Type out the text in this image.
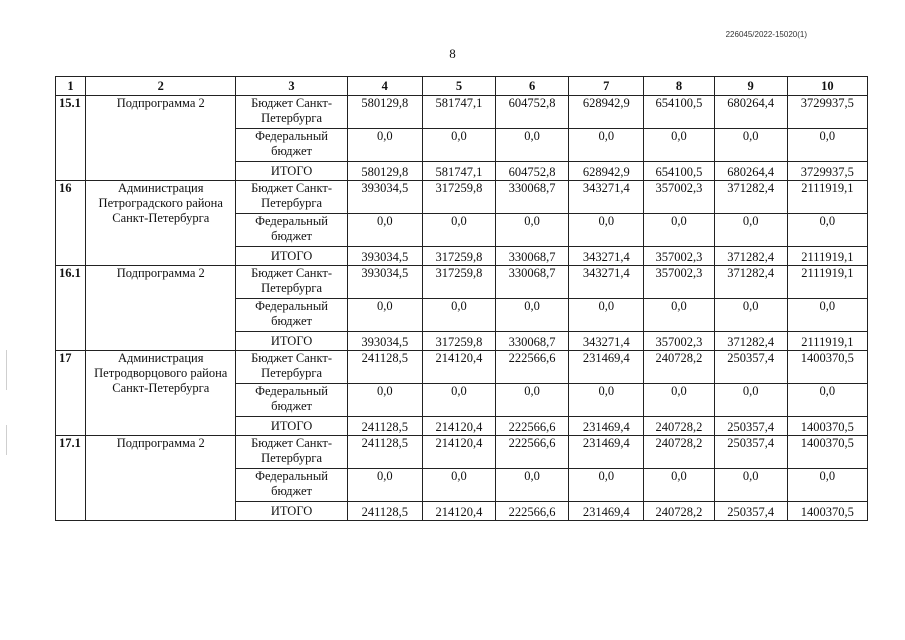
226045/2022-15020(1)
8
1	2	3	4	5	6	7	8	9	10
15.1	Подпрограмма 2	Бюджет Санкт-Петербурга	580129,8	581747,1	604752,8	628942,9	654100,5	680264,4	3729937,5
		Федеральный бюджет	0,0	0,0	0,0	0,0	0,0	0,0	0,0
		ИТОГО	580129,8	581747,1	604752,8	628942,9	654100,5	680264,4	3729937,5
16	Администрация Петроградского района Санкт-Петербурга	Бюджет Санкт-Петербурга	393034,5	317259,8	330068,7	343271,4	357002,3	371282,4	2111919,1
		Федеральный бюджет	0,0	0,0	0,0	0,0	0,0	0,0	0,0
		ИТОГО	393034,5	317259,8	330068,7	343271,4	357002,3	371282,4	2111919,1
16.1	Подпрограмма 2	Бюджет Санкт-Петербурга	393034,5	317259,8	330068,7	343271,4	357002,3	371282,4	2111919,1
		Федеральный бюджет	0,0	0,0	0,0	0,0	0,0	0,0	0,0
		ИТОГО	393034,5	317259,8	330068,7	343271,4	357002,3	371282,4	2111919,1
17	Администрация Петродворцового района Санкт-Петербурга	Бюджет Санкт-Петербурга	241128,5	214120,4	222566,6	231469,4	240728,2	250357,4	1400370,5
		Федеральный бюджет	0,0	0,0	0,0	0,0	0,0	0,0	0,0
		ИТОГО	241128,5	214120,4	222566,6	231469,4	240728,2	250357,4	1400370,5
17.1	Подпрограмма 2	Бюджет Санкт-Петербурга	241128,5	214120,4	222566,6	231469,4	240728,2	250357,4	1400370,5
		Федеральный бюджет	0,0	0,0	0,0	0,0	0,0	0,0	0,0
		ИТОГО	241128,5	214120,4	222566,6	231469,4	240728,2	250357,4	1400370,5
